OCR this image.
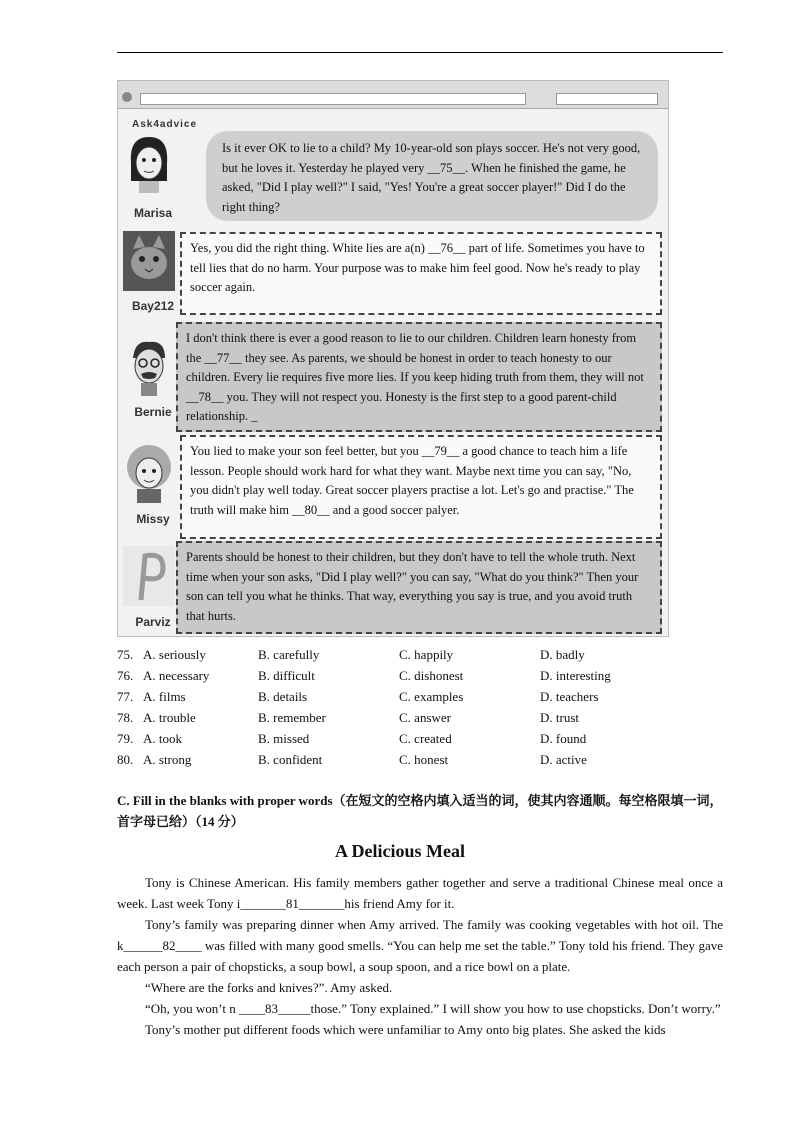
Ask4advice
Marisa
Is it ever OK to lie to a child? My 10-year-old son plays soccer. He's not very good, but he loves it. Yesterday he played very __75__. When he finished the game, he asked, "Did I play well?" I said, "Yes! You're a great soccer player!" Did I do the right thing?
Bay212
Yes, you did the right thing. White lies are a(n) __76__ part of life. Sometimes you have to tell lies that do no harm. Your purpose was to make him feel good. Now he's ready to play soccer again.
Bernie
I don't think there is ever a good reason to lie to our children. Children learn honesty from the __77__ they see. As parents, we should be honest in order to teach honesty to our children. Every lie requires five more lies. If you keep hiding truth from them, they will not __78__ you. They will not respect you. Honesty is the first step to a good parent-child relationship. _
Missy
You lied to make your son feel better, but you __79__ a good chance to teach him a life lesson. People should work hard for what they want. Maybe next time you can say, "No, you didn't play well today. Great soccer players practise a lot. Let's go and practise." The truth will make him __80__ and a good soccer palyer.
Parviz
Parents should be honest to their children, but they don't have to tell the whole truth. Next time when your son asks, "Did I play well?" you can say, "What do you think?" Then your son can tell you what he thinks. That way, everything you say is true, and you avoid truth that hurts.
75. A. seriously	B. carefully	C. happily	D. badly
76. A. necessary	B. difficult	C. dishonest	D. interesting
77. A. films	B. details	C. examples	D. teachers
78. A. trouble	B. remember	C. answer	D. trust
79. A. took	B. missed	C. created	D. found
80. A. strong	B. confident	C. honest	D. active
C. Fill in the blanks with proper words（在短文的空格内填入适当的词，使其内容通顺。每空格限填一词，首字母已给）（14 分）
A Delicious Meal

Tony is Chinese American. His family members gather together and serve a traditional Chinese meal once a week. Last week Tony i_______81_______his friend Amy for it.

Tony’s family was preparing dinner when Amy arrived. The family was cooking vegetables with hot oil. The k______82____ was filled with many good smells. “You can help me set the table.” Tony told his friend. They gave each person a pair of chopsticks, a soup bowl, a soup spoon, and a rice bowl on a plate.

“Where are the forks and knives?”. Amy asked.

“Oh, you won’t n ____83_____those.” Tony explained.” I will show you how to use chopsticks. Don’t worry.”

Tony’s mother put different foods which were unfamiliar to Amy onto big plates. She asked the kids
